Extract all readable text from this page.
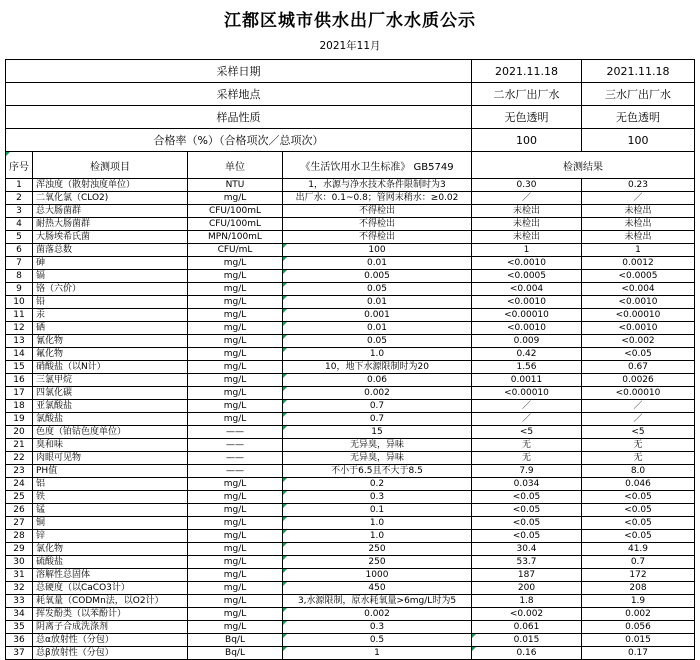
江都区城市供水出厂水水质公示
2021年11月
采样日期				2021.11.18	2021.11.18
采样地点				二水厂出厂水	三水厂出厂水
样品性质				无色透明	无色透明
合格率（%）（合格项次／总项次）				100	100

序号	检测项目	单位	《生活饮用水卫生标准》 GB5749	检测结果	
1	浑浊度（散射浊度单位）	NTU	1，水源与净水技术条件限制时为3	0.30	0.23
2	二氧化氯（CLO2)	mg/L	出厂水：0.1~0.8；管网末稍水：≥0.02	／	／
3	总大肠菌群	CFU/100mL	不得检出	未检出	未检出
4	耐热大肠菌群	CFU/100mL	不得检出	未检出	未检出
5	大肠埃希氏菌	MPN/100mL	不得检出	未检出	未检出
6	菌落总数	CFU/mL	100	1	1
7	砷	mg/L	0.01	<0.0010	0.0012
8	镉	mg/L	0.005	<0.0005	<0.0005
9	铬（六价）	mg/L	0.05	<0.004	<0.004
10	铅	mg/L	0.01	<0.0010	<0.0010
11	汞	mg/L	0.001	<0.00010	<0.00010
12	硒	mg/L	0.01	<0.0010	<0.0010
13	氰化物	mg/L	0.05	0.009	<0.002
14	氟化物	mg/L	1.0	0.42	<0.05
15	硝酸盐（以N计）	mg/L	10，地下水源限制时为20	1.56	0.67
16	三氯甲烷	mg/L	0.06	0.0011	0.0026
17	四氯化碳	mg/L	0.002	<0.00010	<0.00010
18	亚氯酸盐	mg/L	0.7	／	／
19	氯酸盐	mg/L	0.7	／	／
20	色度（铂钴色度单位）	——	15	<5	<5
21	臭和味	——	无异臭，异味	无	无
22	肉眼可见物	——	无异臭，异味	无	无
23	PH值	——	不小于6.5且不大于8.5	7.9	8.0
24	铝	mg/L	0.2	0.034	0.046
25	铁	mg/L	0.3	<0.05	<0.05
26	锰	mg/L	0.1	<0.05	<0.05
27	铜	mg/L	1.0	<0.05	<0.05
28	锌	mg/L	1.0	<0.05	<0.05
29	氯化物	mg/L	250	30.4	41.9
30	硫酸盐	mg/L	250	53.7	0.7
31	溶解性总固体	mg/L	1000	187	172
32	总硬度（以CaCO3计）	mg/L	450	200	208
33	耗氧量（CODMn法，以O2计）	mg/L	3,水源限制，原水耗氧量>6mg/L时为5	1.8	1.9
34	挥发酚类（以苯酚计）	mg/L	0.002	<0.002	0.002
35	阴离子合成洗涤剂	mg/L	0.3	0.061	0.056
36	总α放射性（分包）	Bq/L	0.5	0.015	0.015
37	总β放射性（分包）	Bq/L	1	0.16	0.17
